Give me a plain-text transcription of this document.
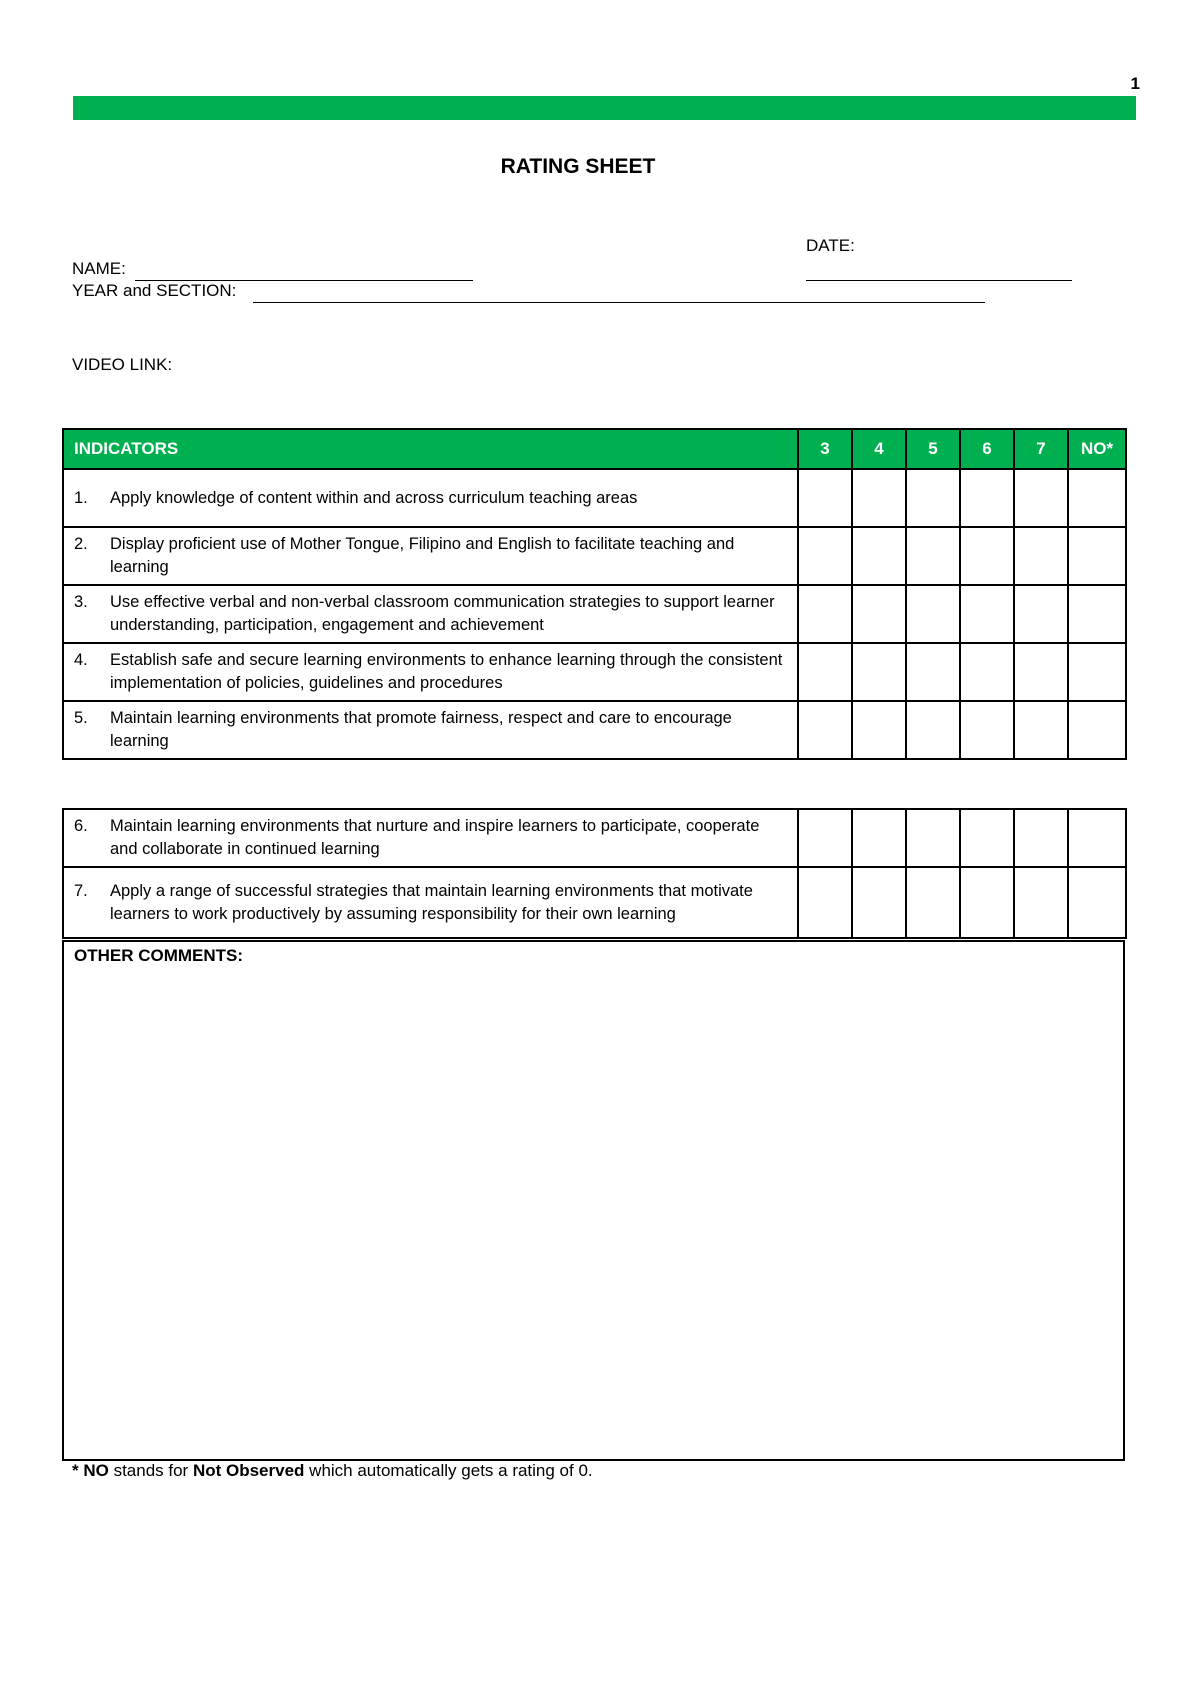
1
RATING SHEET
DATE:
NAME:
YEAR and SECTION:
VIDEO LINK:
INDICATORS	3	4	5	6	7	NO*

1. Apply knowledge of content within and across curriculum teaching areas						

2. Display proficient use of Mother Tongue, Filipino and English to facilitate teaching and learning						

3. Use effective verbal and non-verbal classroom communication strategies to support learner understanding, participation, engagement and achievement						

4. Establish safe and secure learning environments to enhance learning through the consistent implementation of policies, guidelines and procedures						

5. Maintain learning environments that promote fairness, respect and care to encourage learning						

6. Maintain learning environments that nurture and inspire learners to participate, cooperate and collaborate in continued learning						

7. Apply a range of successful strategies that maintain learning environments that motivate learners to work productively by assuming responsibility for their own learning						

OTHER COMMENTS:
* NO stands for Not Observed which automatically gets a rating of 0.
